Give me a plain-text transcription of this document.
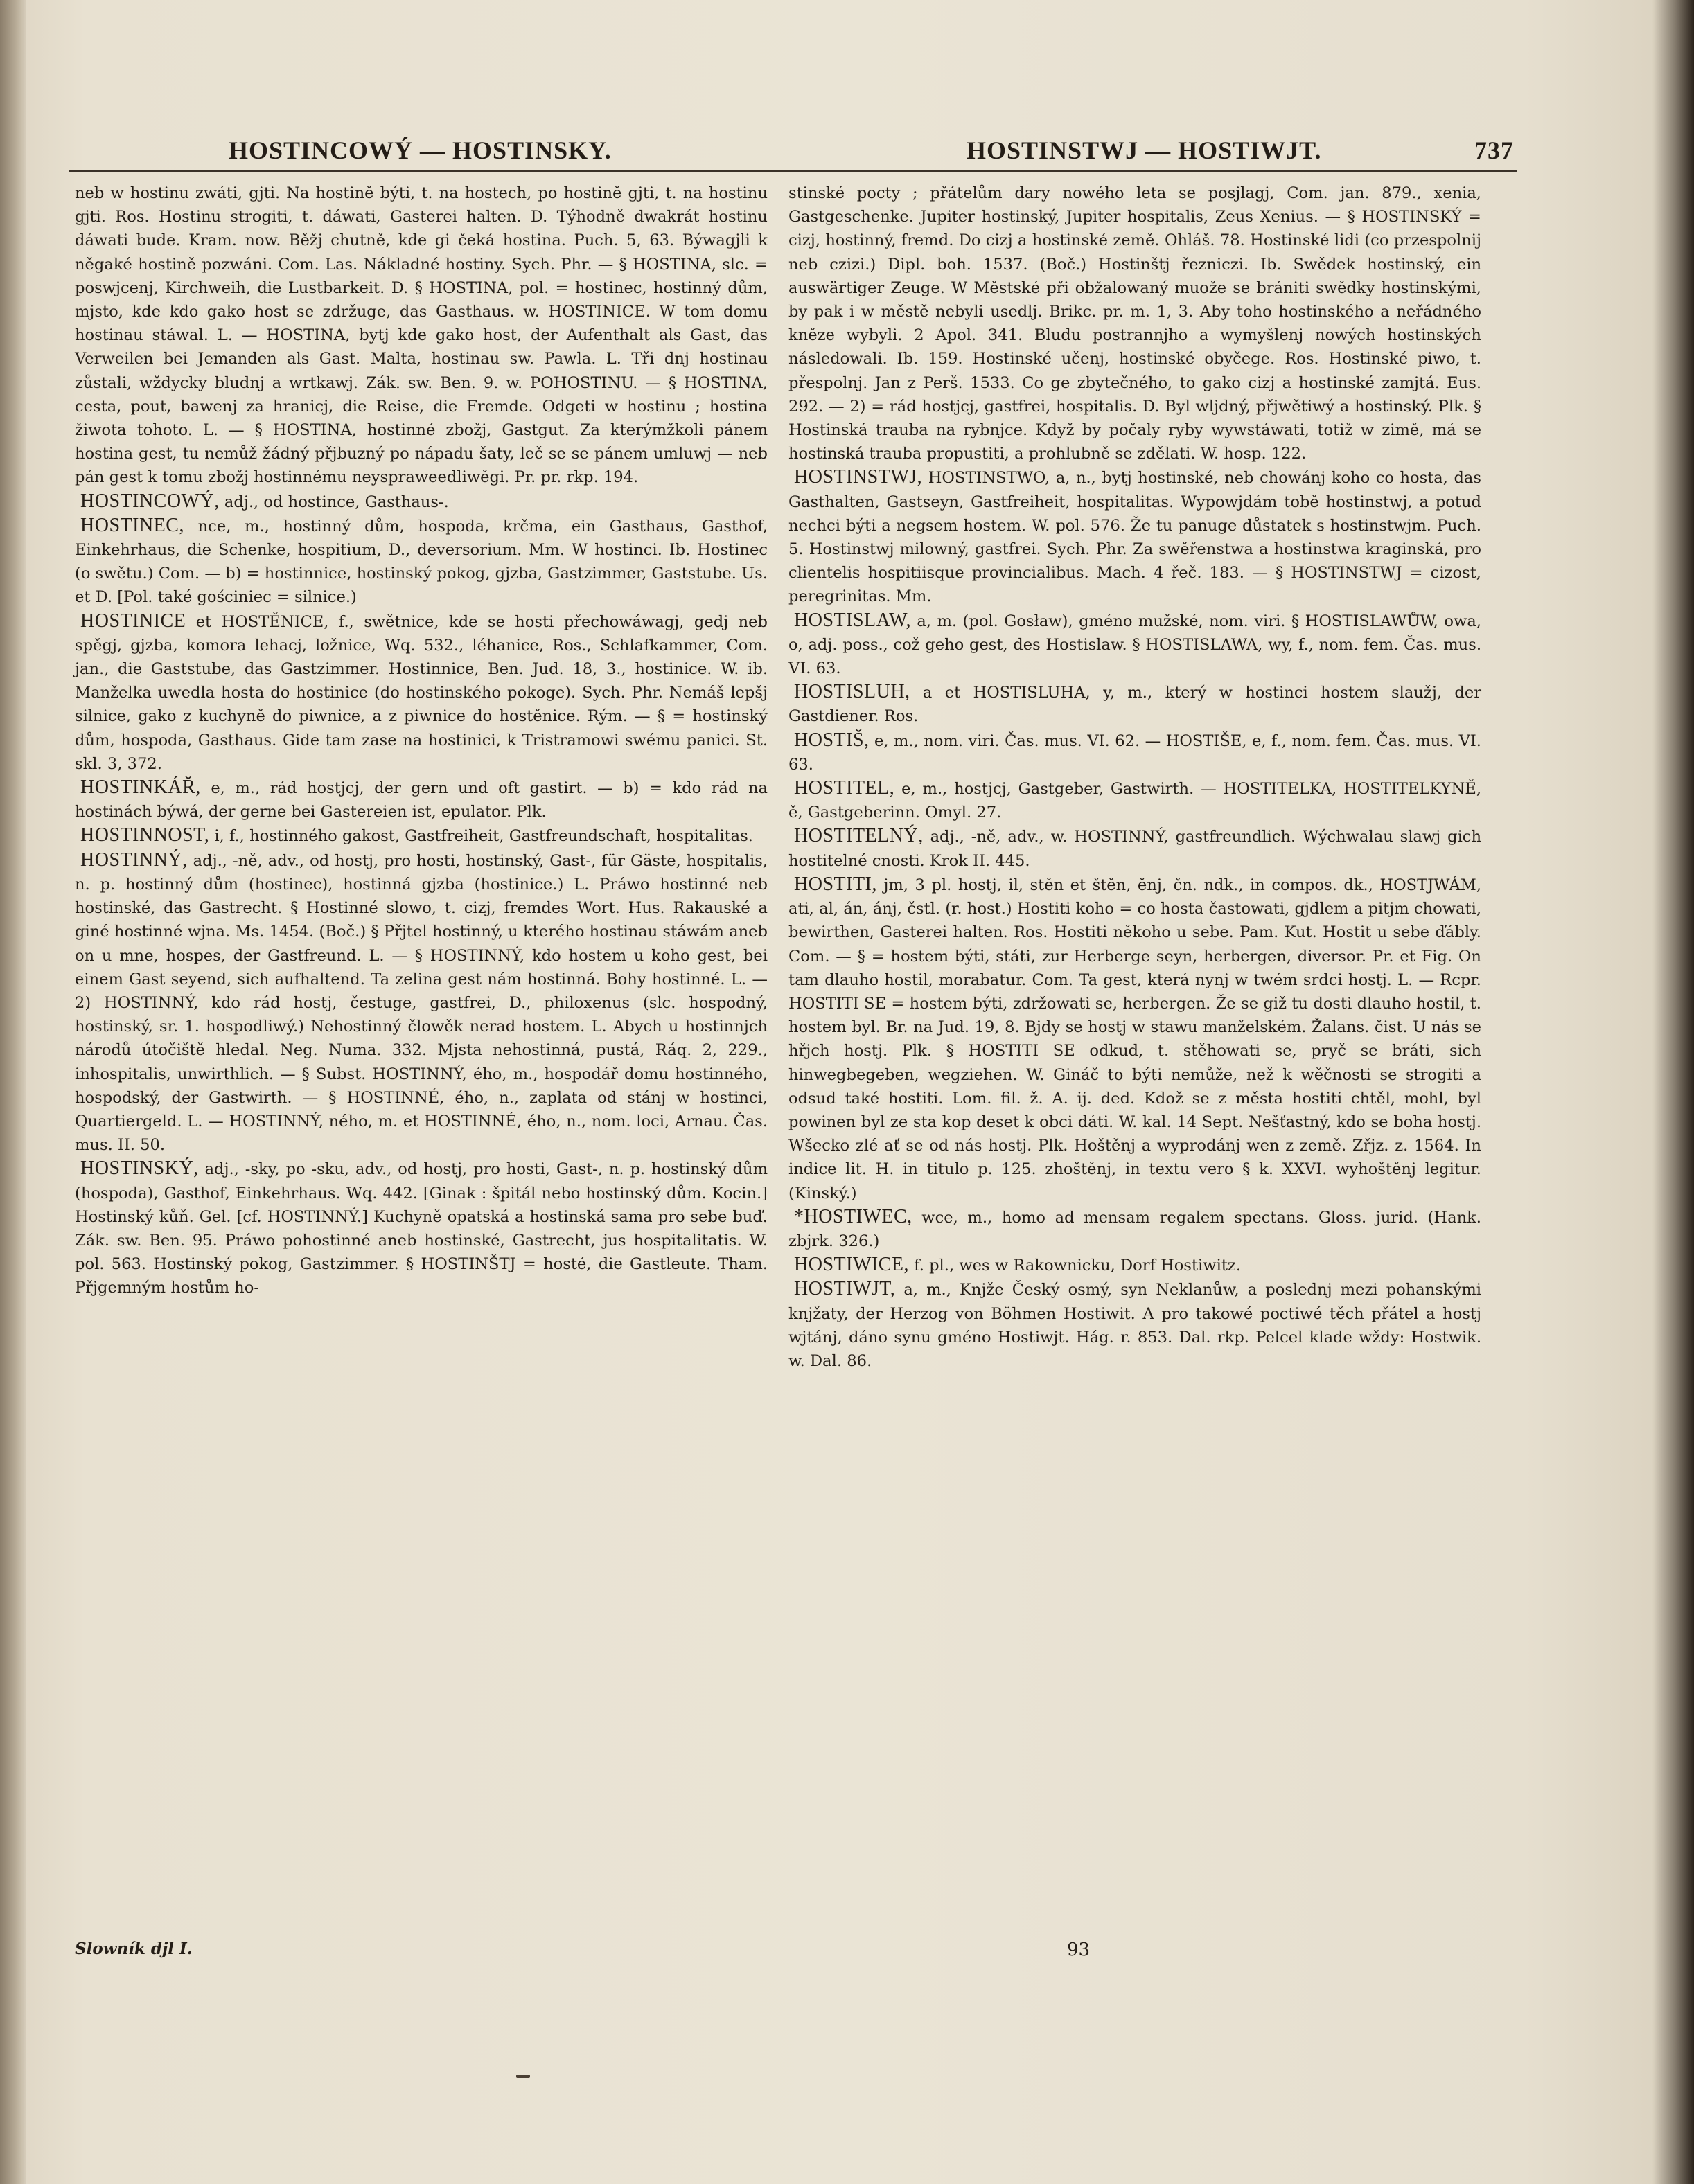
HOSTINCOWÝ — HOSTINSKY.	HOSTINSTWJ — HOSTIWJT.	737

neb w hostinu zwáti, gjti. Na hostině býti, t. na hostech, po hostině gjti, t. na hostinu gjti. Ros. Hostinu strogiti, t. dáwati, Gasterei halten. D. Týhodně dwakrát hostinu dáwati bude. Kram. now. Běžj chutně, kde gi čeká hostina. Puch. 5, 63. Býwagjli k něgaké hostině pozwáni. Com. Las. Nákladné hostiny. Sych. Phr. — § HOSTINA, slc. = poswjcenj, Kirchweih, die Lustbarkeit. D. § HOSTINA, pol. = hostinec, hostinný dům, mjsto, kde kdo gako host se zdržuge, das Gasthaus. w. HOSTINICE. W tom domu hostinau stáwal. L. — HOSTINA, bytj kde gako host, der Aufenthalt als Gast, das Verweilen bei Jemanden als Gast. Malta, hostinau sw. Pawla. L. Tři dnj hostinau zůstali, wždycky bludnj a wrtkawj. Zák. sw. Ben. 9. w. POHOSTINU. — § HOSTINA, cesta, pout, bawenj za hranicj, die Reise, die Fremde. Odgeti w hostinu ; hostina žiwota tohoto. L. — § HOSTINA, hostinné zbožj, Gastgut. Za kterýmžkoli pánem hostina gest, tu nemůž žádný přjbuzný po nápadu šaty, leč se se pánem umluwj — neb pán gest k tomu zbožj hostinnému neyspraweedliwěgi. Pr. pr. rkp. 194.

HOSTINCOWÝ, adj., od hostince, Gasthaus-.

HOSTINEC, nce, m., hostinný dům, hospoda, krčma, ein Gasthaus, Gasthof, Einkehrhaus, die Schenke, hospitium, D., deversorium. Mm. W hostinci. Ib. Hostinec (o swětu.) Com. — b) = hostinnice, hostinský pokog, gjzba, Gastzimmer, Gaststube. Us. et D. [Pol. také gościniec = silnice.)

HOSTINICE et HOSTĚNICE, f., swětnice, kde se hosti přechowáwagj, gedj neb spěgj, gjzba, komora lehacj, ložnice, Wq. 532., léhanice, Ros., Schlafkammer, Com. jan., die Gaststube, das Gastzimmer. Hostinnice, Ben. Jud. 18, 3., hostinice. W. ib. Manželka uwedla hosta do hostinice (do hostinského pokoge). Sych. Phr. Nemáš lepšj silnice, gako z kuchyně do piwnice, a z piwnice do hostěnice. Rým. — § = hostinský dům, hospoda, Gasthaus. Gide tam zase na hostinici, k Tristramowi swému panici. St. skl. 3, 372.

HOSTINKÁŘ, e, m., rád hostjcj, der gern und oft gastirt. — b) = kdo rád na hostinách býwá, der gerne bei Gastereien ist, epulator. Plk.

HOSTINNOST, i, f., hostinného gakost, Gastfreiheit, Gastfreundschaft, hospitalitas.

HOSTINNÝ, adj., -ně, adv., od hostj, pro hosti, hostinský, Gast-, für Gäste, hospitalis, n. p. hostinný dům (hostinec), hostinná gjzba (hostinice.) L. Práwo hostinné neb hostinské, das Gastrecht. § Hostinné slowo, t. cizj, fremdes Wort. Hus. Rakauské a giné hostinné wjna. Ms. 1454. (Boč.) § Přjtel hostinný, u kterého hostinau stáwám aneb on u mne, hospes, der Gastfreund. L. — § HOSTINNÝ, kdo hostem u koho gest, bei einem Gast seyend, sich aufhaltend. Ta zelina gest nám hostinná. Bohy hostinné. L. — 2) HOSTINNÝ, kdo rád hostj, čestuge, gastfrei, D., philoxenus (slc. hospodný, hostinský, sr. 1. hospodliwý.) Nehostinný člowěk nerad hostem. L. Abych u hostinnjch národů útočiště hledal. Neg. Numa. 332. Mjsta nehostinná, pustá, Ráq. 2, 229., inhospitalis, unwirthlich. — § Subst. HOSTINNÝ, ého, m., hospodář domu hostinného, hospodský, der Gastwirth. — § HOSTINNÉ, ého, n., zaplata od stánj w hostinci, Quartiergeld. L. — HOSTINNÝ, ného, m. et HOSTINNÉ, ého, n., nom. loci, Arnau. Čas. mus. II. 50.

HOSTINSKÝ, adj., -sky, po -sku, adv., od hostj, pro hosti, Gast-, n. p. hostinský dům (hospoda), Gasthof, Einkehrhaus. Wq. 442. [Ginak : špitál nebo hostinský dům. Kocin.] Hostinský kůň. Gel. [cf. HOSTINNÝ.] Kuchyně opatská a hostinská sama pro sebe buď. Zák. sw. Ben. 95. Práwo pohostinné aneb hostinské, Gastrecht, jus hospitalitatis. W. pol. 563. Hostinský pokog, Gastzimmer. § HOSTINŠTJ = hosté, die Gastleute. Tham. Přjgemným hostům ho-

stinské pocty ; přátelům dary nowého leta se posjlagj, Com. jan. 879., xenia, Gastgeschenke. Jupiter hostinský, Jupiter hospitalis, Zeus Xenius. — § HOSTINSKÝ = cizj, hostinný, fremd. Do cizj a hostinské země. Ohláš. 78. Hostinské lidi (co przespolnij neb czizi.) Dipl. boh. 1537. (Boč.) Hostinštj řezniczi. Ib. Swědek hostinský, ein auswärtiger Zeuge. W Městské při obžalowaný muože se brániti swědky hostinskými, by pak i w městě nebyli usedlj. Brikc. pr. m. 1, 3. Aby toho hostinského a neřádného kněze wybyli. 2 Apol. 341. Bludu postrannjho a wymyšlenj nowých hostinských následowali. Ib. 159. Hostinské učenj, hostinské obyčege. Ros. Hostinské piwo, t. přespolnj. Jan z Perš. 1533. Co ge zbytečného, to gako cizj a hostinské zamjtá. Eus. 292. — 2) = rád hostjcj, gastfrei, hospitalis. D. Byl wljdný, přjwětiwý a hostinský. Plk. § Hostinská trauba na rybnjce. Když by počaly ryby wywstáwati, totiž w zimě, má se hostinská trauba propustiti, a prohlubně se zdělati. W. hosp. 122.

HOSTINSTWJ, HOSTINSTWO, a, n., bytj hostinské, neb chowánj koho co hosta, das Gasthalten, Gastseyn, Gastfreiheit, hospitalitas. Wypowjdám tobě hostinstwj, a potud nechci býti a negsem hostem. W. pol. 576. Že tu panuge důstatek s hostinstwjm. Puch. 5. Hostinstwj milowný, gastfrei. Sych. Phr. Za swěřenstwa a hostinstwa kraginská, pro clientelis hospitiisque provincialibus. Mach. 4 řeč. 183. — § HOSTINSTWJ = cizost, peregrinitas. Mm.

HOSTISLAW, a, m. (pol. Gosław), gméno mužské, nom. viri. § HOSTISLAWŮW, owa, o, adj. poss., což geho gest, des Hostislaw. § HOSTISLAWA, wy, f., nom. fem. Čas. mus. VI. 63.

HOSTISLUH, a et HOSTISLUHA, y, m., který w hostinci hostem slaužj, der Gastdiener. Ros.

HOSTIŠ, e, m., nom. viri. Čas. mus. VI. 62. — HOSTIŠE, e, f., nom. fem. Čas. mus. VI. 63.

HOSTITEL, e, m., hostjcj, Gastgeber, Gastwirth. — HOSTITELKA, HOSTITELKYNĚ, ě, Gastgeberinn. Omyl. 27.

HOSTITELNÝ, adj., -ně, adv., w. HOSTINNÝ, gastfreundlich. Wýchwalau slawj gich hostitelné cnosti. Krok II. 445.

HOSTITI, jm, 3 pl. hostj, il, stěn et štěn, ěnj, čn. ndk., in compos. dk., HOSTJWÁM, ati, al, án, ánj, čstl. (r. host.) Hostiti koho = co hosta častowati, gjdlem a pitjm chowati, bewirthen, Gasterei halten. Ros. Hostiti někoho u sebe. Pam. Kut. Hostit u sebe ďábly. Com. — § = hostem býti, státi, zur Herberge seyn, herbergen, diversor. Pr. et Fig. On tam dlauho hostil, morabatur. Com. Ta gest, která nynj w twém srdci hostj. L. — Rcpr. HOSTITI SE = hostem býti, zdržowati se, herbergen. Že se giž tu dosti dlauho hostil, t. hostem byl. Br. na Jud. 19, 8. Bjdy se hostj w stawu manželském. Žalans. čist. U nás se hřjch hostj. Plk. § HOSTITI SE odkud, t. stěhowati se, pryč se bráti, sich hinwegbegeben, wegziehen. W. Gináč to býti nemůže, než k wěčnosti se strogiti a odsud také hostiti. Lom. fil. ž. A. ij. ded. Kdož se z města hostiti chtěl, mohl, byl powinen byl ze sta kop deset k obci dáti. W. kal. 14 Sept. Nešťastný, kdo se boha hostj. Wšecko zlé ať se od nás hostj. Plk. Hoštěnj a wyprodánj wen z země. Zřjz. z. 1564. In indice lit. H. in titulo p. 125. zhoštěnj, in textu vero § k. XXVI. wyhoštěnj legitur. (Kinský.)

*HOSTIWEC, wce, m., homo ad mensam regalem spectans. Gloss. jurid. (Hank. zbjrk. 326.)

HOSTIWICE, f. pl., wes w Rakownicku, Dorf Hostiwitz.

HOSTIWJT, a, m., Knjže Český osmý, syn Neklanůw, a poslednj mezi pohanskými knjžaty, der Herzog von Böhmen Hostiwit. A pro takowé poctiwé těch přátel a hostj wjtánj, dáno synu gméno Hostiwjt. Hág. r. 853. Dal. rkp. Pelcel klade wždy: Hostwik. w. Dal. 86.

Slowník djl I.	93
